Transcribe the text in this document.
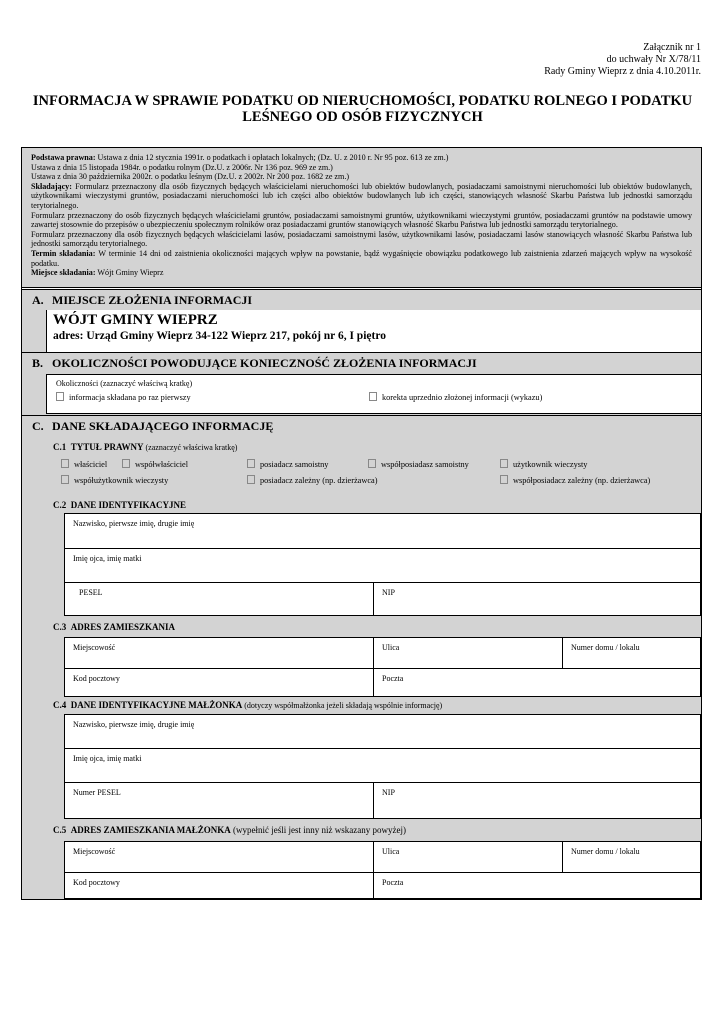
Załącznik nr 1
do uchwały Nr X/78/11
Rady Gminy Wieprz z dnia 4.10.2011r.
INFORMACJA W SPRAWIE PODATKU OD NIERUCHOMOŚCI, PODATKU ROLNEGO I PODATKU
LEŚNEGO OD OSÓB FIZYCZNYCH
Podstawa prawna: Ustawa z dnia 12 stycznia 1991r. o podatkach i opłatach lokalnych; (Dz. U. z 2010 r. Nr 95 poz. 613 ze zm.)
Ustawa z dnia 15 listopada 1984r. o podatku rolnym (Dz.U. z 2006r. Nr 136 poz. 969 ze zm.)
Ustawa z dnia 30 października 2002r. o podatku leśnym (Dz.U. z 2002r. Nr 200 poz. 1682 ze zm.)
Składający: Formularz przeznaczony dla osób fizycznych będących właścicielami nieruchomości lub obiektów budowlanych, posiadaczami samoistnymi nieruchomości lub obiektów budowlanych, użytkownikami wieczystymi gruntów, posiadaczami nieruchomości lub ich części albo obiektów budowlanych lub ich części, stanowiących własność Skarbu Państwa lub jednostki samorządu terytorialnego.
Formularz przeznaczony do osób fizycznych będących właścicielami gruntów, posiadaczami samoistnymi gruntów, użytkownikami wieczystymi gruntów, posiadaczami gruntów na podstawie umowy zawartej stosownie do przepisów o ubezpieczeniu społecznym rolników oraz posiadaczami gruntów stanowiących własność Skarbu Państwa lub jednostki samorządu terytorialnego.
Formularz przeznaczony dla osób fizycznych będących właścicielami lasów, posiadaczami samoistnymi lasów, użytkownikami lasów, posiadaczami lasów stanowiących własność Skarbu Państwa lub jednostki samorządu terytorialnego.
Termin składania: W terminie 14 dni od zaistnienia okoliczności mających wpływ na powstanie, bądź wygaśnięcie obowiązku podatkowego lub zaistnienia zdarzeń mających wpływ na wysokość podatku.
Miejsce składania: Wójt Gminy Wieprz
A. MIEJSCE ZŁOŻENIA INFORMACJI
WÓJT GMINY WIEPRZ
adres: Urząd Gminy Wieprz 34-122 Wieprz 217, pokój nr 6, I piętro
B. OKOLICZNOŚCI POWODUJĄCE KONIECZNOŚĆ ZŁOŻENIA INFORMACJI
Okoliczności (zaznaczyć właściwą kratkę)
informacja składana po raz pierwszy	korekta uprzednio złożonej informacji (wykazu)
C. DANE SKŁADAJĄCEGO INFORMACJĘ
C.1 TYTUŁ PRAWNY (zaznaczyć właściwa kratkę)
właściciel	współwłaściciel	posiadacz samoistny	współposiadasz samoistny	użytkownik wieczysty
współużytkownik wieczysty	posiadacz zależny (np. dzierżawca)	współposiadacz zależny (np. dzierżawca)
C.2 DANE IDENTYFIKACYJNE
Nazwisko, pierwsze imię, drugie imię
Imię ojca, imię matki
PESEL	NIP
C.3 ADRES ZAMIESZKANIA
Miejscowość	Ulica	Numer domu / lokalu
Kod pocztowy	Poczta
C.4 DANE IDENTYFIKACYJNE MAŁŻONKA (dotyczy współmałżonka jeżeli składają wspólnie informację)
Nazwisko, pierwsze imię, drugie imię
Imię ojca, imię matki
Numer PESEL	NIP
C.5 ADRES ZAMIESZKANIA MAŁŻONKA (wypełnić jeśli jest inny niż wskazany powyżej)
Miejscowość	Ulica	Numer domu / lokalu
Kod pocztowy	Poczta
